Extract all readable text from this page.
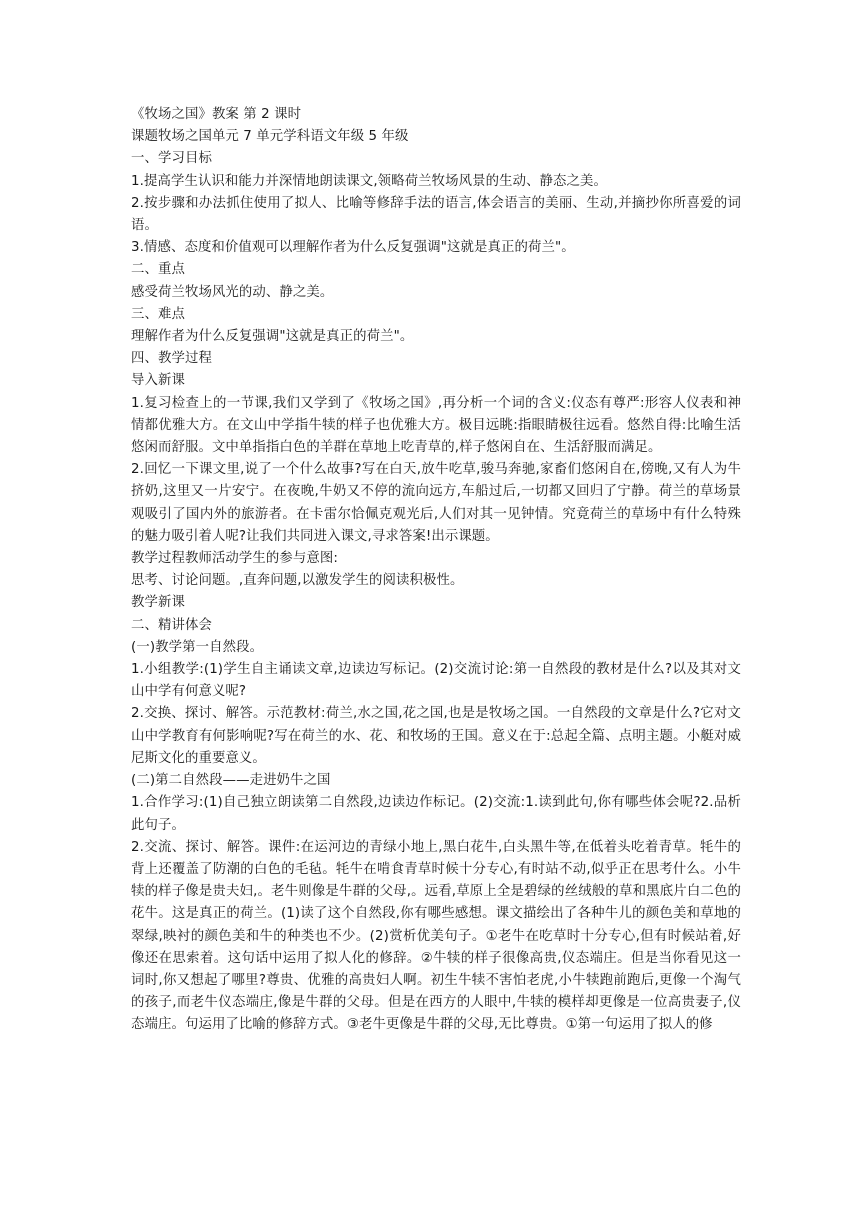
《牧场之国》教案 第 2 课时

课题牧场之国单元 7 单元学科语文年级 5 年级

一、学习目标

1.提高学生认识和能力并深情地朗读课文,领略荷兰牧场风景的生动、静态之美。

2.按步骤和办法抓住使用了拟人、比喻等修辞手法的语言,体会语言的美丽、生动,并摘抄你所喜爱的词语。

3.情感、态度和价值观可以理解作者为什么反复强调"这就是真正的荷兰"。

二、重点

感受荷兰牧场风光的动、静之美。

三、难点

理解作者为什么反复强调"这就是真正的荷兰"。

四、教学过程

导入新课

1.复习检查上的一节课,我们又学到了《牧场之国》,再分析一个词的含义:仪态有尊严:形容人仪表和神情都优雅大方。在文山中学指牛犊的样子也优雅大方。极目远眺:指眼睛极往远看。悠然自得:比喻生活悠闲而舒服。文中单指指白色的羊群在草地上吃青草的,样子悠闲自在、生活舒服而满足。

2.回忆一下课文里,说了一个什么故事?写在白天,放牛吃草,骏马奔驰,家畜们悠闲自在,傍晚,又有人为牛挤奶,这里又一片安宁。在夜晚,牛奶又不停的流向远方,车船过后,一切都又回归了宁静。荷兰的草场景观吸引了国内外的旅游者。在卡雷尔恰佩克观光后,人们对其一见钟情。究竟荷兰的草场中有什么特殊的魅力吸引着人呢?让我们共同进入课文,寻求答案!出示课题。

教学过程教师活动学生的参与意图:

思考、讨论问题。,直奔问题,以激发学生的阅读积极性。

教学新课

二、精讲体会

(一)教学第一自然段。

1.小组教学:(1)学生自主诵读文章,边读边写标记。(2)交流讨论:第一自然段的教材是什么?以及其对文山中学有何意义呢?

2.交换、探讨、解答。示范教材:荷兰,水之国,花之国,也是是牧场之国。一自然段的文章是什么?它对文山中学教育有何影响呢?写在荷兰的水、花、和牧场的王国。意义在于:总起全篇、点明主题。小艇对威尼斯文化的重要意义。

(二)第二自然段——走进奶牛之国

1.合作学习:(1)自己独立朗读第二自然段,边读边作标记。(2)交流:1.读到此句,你有哪些体会呢?2.品析此句子。

2.交流、探讨、解答。课件:在运河边的青绿小地上,黑白花牛,白头黑牛等,在低着头吃着青草。牦牛的背上还覆盖了防潮的白色的毛毡。牦牛在啃食青草时候十分专心,有时站不动,似乎正在思考什么。小牛犊的样子像是贵夫妇,。老牛则像是牛群的父母,。远看,草原上全是碧绿的丝绒般的草和黑底片白二色的花牛。这是真正的荷兰。(1)读了这个自然段,你有哪些感想。课文描绘出了各种牛儿的颜色美和草地的翠绿,映衬的颜色美和牛的种类也不少。(2)赏析优美句子。①老牛在吃草时十分专心,但有时候站着,好像还在思索着。这句话中运用了拟人化的修辞。②牛犊的样子很像高贵,仪态端庄。但是当你看见这一词时,你又想起了哪里?尊贵、优雅的高贵妇人啊。初生牛犊不害怕老虎,小牛犊跑前跑后,更像一个淘气的孩子,而老牛仪态端庄,像是牛群的父母。但是在西方的人眼中,牛犊的模样却更像是一位高贵妻子,仪态端庄。句运用了比喻的修辞方式。③老牛更像是牛群的父母,无比尊贵。①第一句运用了拟人的修
